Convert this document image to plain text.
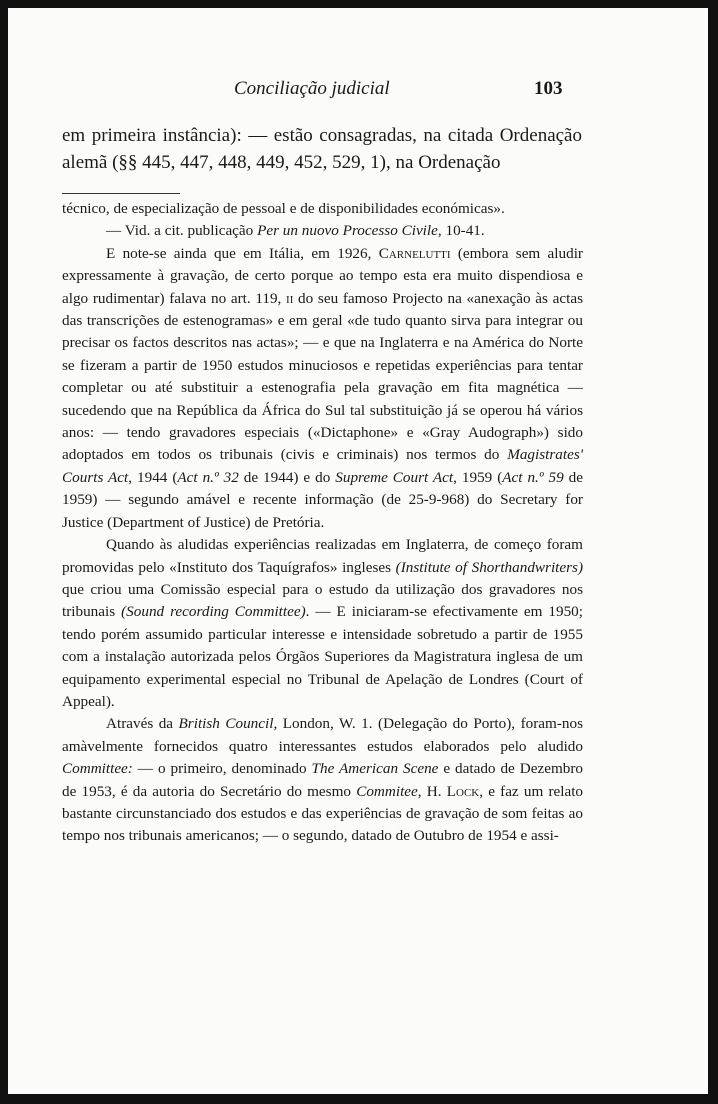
Conciliação judicial	103

em primeira instância): — estão consagradas, na citada Ordenação alemã (§§ 445, 447, 448, 449, 452, 529, 1), na Ordenação

técnico, de especialização de pessoal e de disponibilidades económicas».

— Vid. a cit. publicação Per un nuovo Processo Civile, 10-41.

E note-se ainda que em Itália, em 1926, Carnelutti (embora sem aludir expressamente à gravação, de certo porque ao tempo esta era muito dispendiosa e algo rudimentar) falava no art. 119, ii do seu famoso Projecto na «anexação às actas das transcrições de estenogramas» e em geral «de tudo quanto sirva para integrar ou precisar os factos descritos nas actas»; — e que na Inglaterra e na América do Norte se fizeram a partir de 1950 estudos minuciosos e repetidas experiências para tentar completar ou até substituir a estenografia pela gravação em fita magnética — sucedendo que na República da África do Sul tal substituição já se operou há vários anos: — tendo gravadores especiais («Dictaphone» e «Gray Audograph») sido adoptados em todos os tribunais (civis e criminais) nos termos do Magistrates' Courts Act, 1944 (Act n.º 32 de 1944) e do Supreme Court Act, 1959 (Act n.º 59 de 1959) — segundo amável e recente informação (de 25-9-968) do Secretary for Justice (Department of Justice) de Pretória.

Quando às aludidas experiências realizadas em Inglaterra, de começo foram promovidas pelo «Instituto dos Taquígrafos» ingleses (Institute of Shorthandwriters) que criou uma Comissão especial para o estudo da utilização dos gravadores nos tribunais (Sound recording Committee). — E iniciaram-se efectivamente em 1950; tendo porém assumido particular interesse e intensidade sobretudo a partir de 1955 com a instalação autorizada pelos Órgãos Superiores da Magistratura inglesa de um equipamento experimental especial no Tribunal de Apelação de Londres (Court of Appeal).

Através da British Council, London, W. 1. (Delegação do Porto), foram-nos amàvelmente fornecidos quatro interessantes estudos elaborados pelo aludido Committee: — o primeiro, denominado The American Scene e datado de Dezembro de 1953, é da autoria do Secretário do mesmo Commitee, H. Lock, e faz um relato bastante circunstanciado dos estudos e das experiências de gravação de som feitas ao tempo nos tribunais americanos; — o segundo, datado de Outubro de 1954 e assi-
